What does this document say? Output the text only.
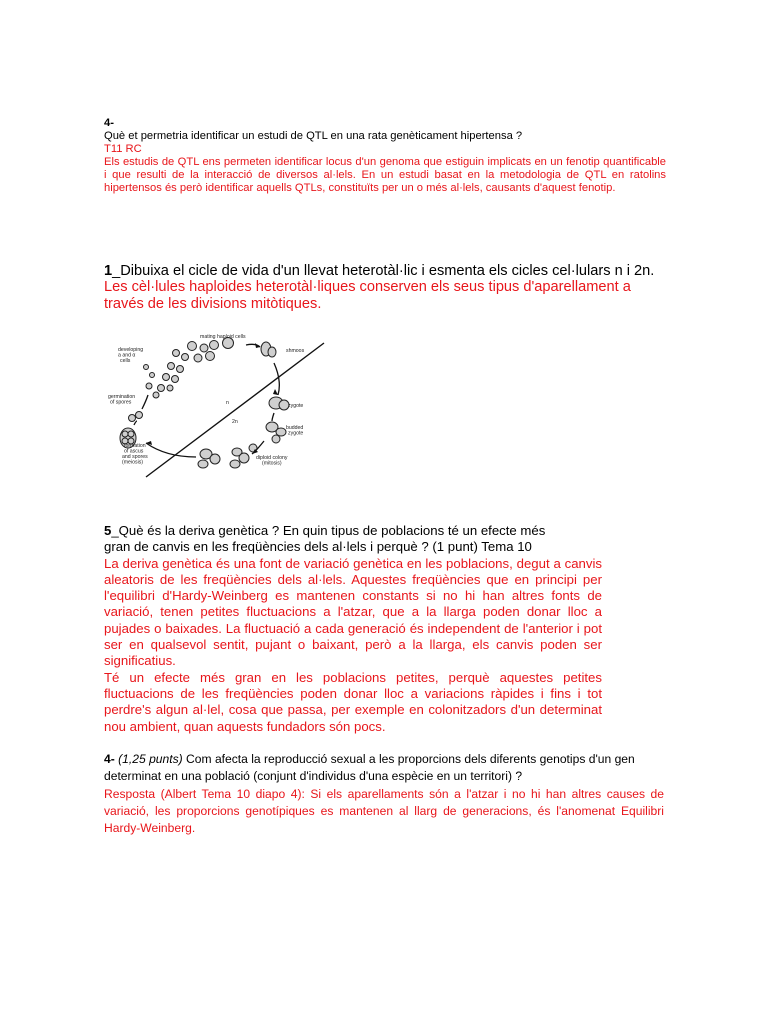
4-
Què et permetria identificar un estudi de QTL en una rata genèticament hipertensa ?
T11 RC
Els estudis de QTL ens permeten identificar locus d'un genoma que estiguin implicats en un fenotip quantificable i que resulti de la interacció de diversos al·lels. En un estudi basat en la metodologia de QTL en ratolins hipertensos és però identificar aquells QTLs, constituïts per un o més al·lels, causants d'aquest fenotip.
1_Dibuixa el cicle de vida d'un llevat heterotàl·lic i esmenta els cicles cel·lulars n i 2n.
Les cèl·lules haploides heterotàl·liques conserven els seus tipus d'aparellament a través de les divisions mitòtiques.
mating haploid cells
developing a and α cells
germination of spores
formation of ascus and spores (meiosis)
shmoos
zygote
budded zygote
diploid colony (mitosis)
n
2n
5_Què és la deriva genètica ? En quin tipus de poblacions té un efecte més gran de canvis en les freqüències dels al·lels i perquè ? (1 punt) Tema 10
La deriva genètica és una font de variació genètica en les poblacions, degut a canvis aleatoris de les freqüències dels al·lels. Aquestes freqüències que en principi per l'equilibri d'Hardy-Weinberg es mantenen constants si no hi han altres fonts de variació, tenen petites fluctuacions a l'atzar, que a la llarga poden donar lloc a pujades o baixades. La fluctuació a cada generació és independent de l'anterior i pot ser en qualsevol sentit, pujant o baixant, però a la llarga, els canvis poden ser significatius.
Té un efecte més gran en les poblacions petites, perquè aquestes petites fluctuacions de les freqüències poden donar lloc a variacions ràpides i fins i tot perdre's algun al·lel, cosa que passa, per exemple en colonitzadors d'un determinat nou ambient, quan aquests fundadors són pocs.
4- (1,25 punts) Com afecta la reproducció sexual a les proporcions dels diferents genotips d'un gen determinat en una població (conjunt d'individus d'una espècie en un territori) ?
Resposta (Albert Tema 10 diapo 4): Si els aparellaments són a l'atzar i no hi han altres causes de variació, les proporcions genotípiques es mantenen al llarg de generacions, és l'anomenat Equilibri Hardy-Weinberg.
